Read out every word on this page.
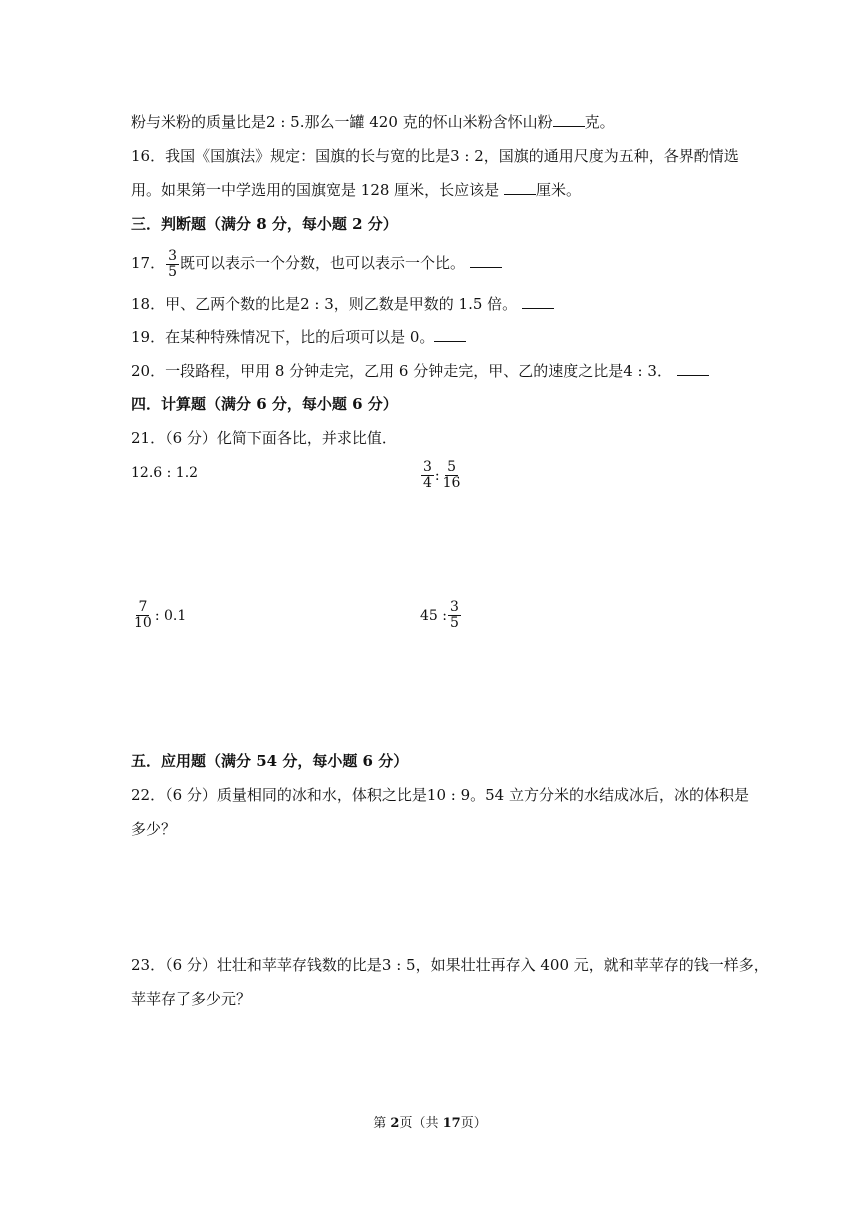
粉与米粉的质量比是2 : 5.那么一罐 420 克的怀山米粉含怀山粉 克。
16．我国《国旗法》规定：国旗的长与宽的比是3 : 2，国旗的通用尺度为五种，各界酌情选
用。如果第一中学选用的国旗宽是 128 厘米，长应该是 厘米。
三．判断题（满分 8 分，每小题 2 分）
17． $\frac{3}{5}$ 既可以表示一个分数，也可以表示一个比。
18．甲、乙两个数的比是2 : 3，则乙数是甲数的 1.5 倍。
19．在某种特殊情况下，比的后项可以是 0。
20．一段路程，甲用 8 分钟走完，乙用 6 分钟走完，甲、乙的速度之比是4 : 3．
四．计算题（满分 6 分，每小题 6 分）
21．（6 分）化简下面各比，并求比值．
12.6 : 1.2	$\frac{3}{4}$ : $\frac{5}{16}$
$\frac{7}{10}$ : 0.1	45 : $\frac{3}{5}$
五．应用题（满分 54 分，每小题 6 分）
22．（6 分）质量相同的冰和水，体积之比是10 : 9。54 立方分米的水结成冰后，冰的体积是
多少？
23．（6 分）壮壮和苹苹存钱数的比是3 : 5，如果壮壮再存入 400 元，就和苹苹存的钱一样多，
苹苹存了多少元？
第 2页（共 17页）
